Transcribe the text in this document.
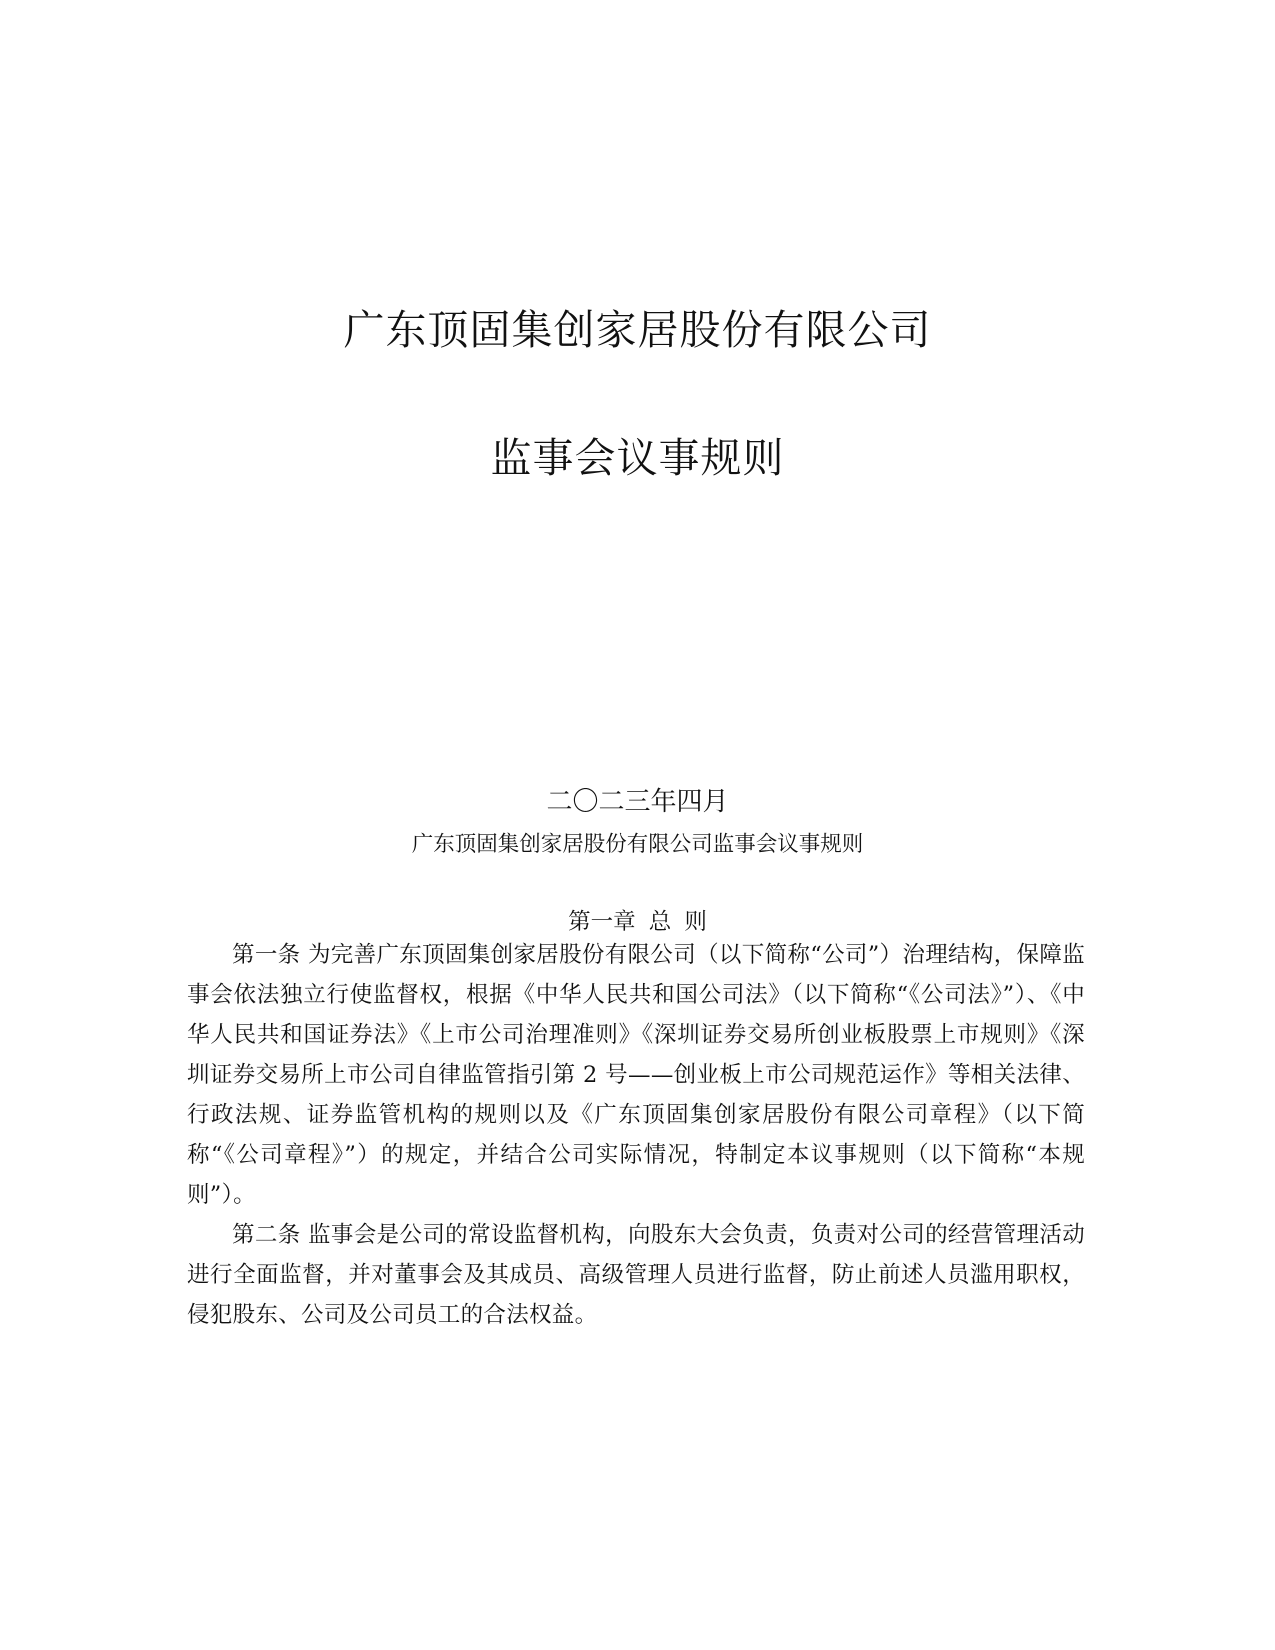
广东顶固集创家居股份有限公司
监事会议事规则
二〇二三年四月
广东顶固集创家居股份有限公司监事会议事规则
第一章 总 则

第一条 为完善广东顶固集创家居股份有限公司（以下简称“公司”）治理结构，保障监事会依法独立行使监督权，根据《中华人民共和国公司法》（以下简称“《公司法》”）、《中华人民共和国证券法》《上市公司治理准则》《深圳证券交易所创业板股票上市规则》《深圳证券交易所上市公司自律监管指引第 2 号——创业板上市公司规范运作》等相关法律、行政法规、证券监管机构的规则以及《广东顶固集创家居股份有限公司章程》（以下简称“《公司章程》”）的规定，并结合公司实际情况，特制定本议事规则（以下简称“本规则”）。

第二条 监事会是公司的常设监督机构，向股东大会负责，负责对公司的经营管理活动进行全面监督，并对董事会及其成员、高级管理人员进行监督，防止前述人员滥用职权，侵犯股东、公司及公司员工的合法权益。
